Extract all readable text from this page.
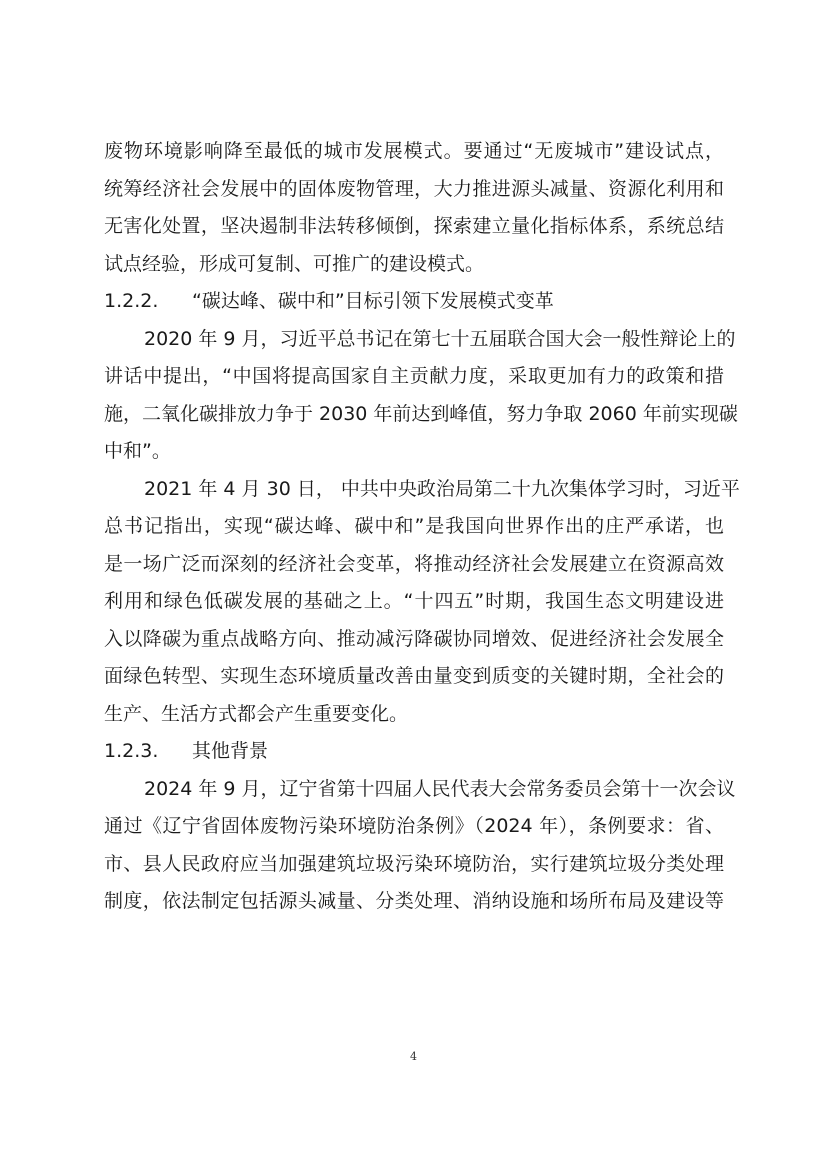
废物环境影响降至最低的城市发展模式。要通过“无废城市”建设试点，
统筹经济社会发展中的固体废物管理，大力推进源头减量、资源化利用和
无害化处置，坚决遏制非法转移倾倒，探索建立量化指标体系，系统总结
试点经验，形成可复制、可推广的建设模式。
1.2.2. “碳达峰、碳中和”目标引领下发展模式变革
2020 年 9 月，习近平总书记在第七十五届联合国大会一般性辩论上的
讲话中提出，“中国将提高国家自主贡献力度，采取更加有力的政策和措
施，二氧化碳排放力争于 2030 年前达到峰值，努力争取 2060 年前实现碳
中和”。
2021 年 4 月 30 日， 中共中央政治局第二十九次集体学习时，习近平
总书记指出，实现“碳达峰、碳中和”是我国向世界作出的庄严承诺，也
是一场广泛而深刻的经济社会变革，将推动经济社会发展建立在资源高效
利用和绿色低碳发展的基础之上。“十四五”时期，我国生态文明建设进
入以降碳为重点战略方向、推动减污降碳协同增效、促进经济社会发展全
面绿色转型、实现生态环境质量改善由量变到质变的关键时期，全社会的
生产、生活方式都会产生重要变化。
1.2.3. 其他背景
2024 年 9 月，辽宁省第十四届人民代表大会常务委员会第十一次会议
通过《辽宁省固体废物污染环境防治条例》（2024 年），条例要求：省、
市、县人民政府应当加强建筑垃圾污染环境防治，实行建筑垃圾分类处理
制度，依法制定包括源头减量、分类处理、消纳设施和场所布局及建设等
4
